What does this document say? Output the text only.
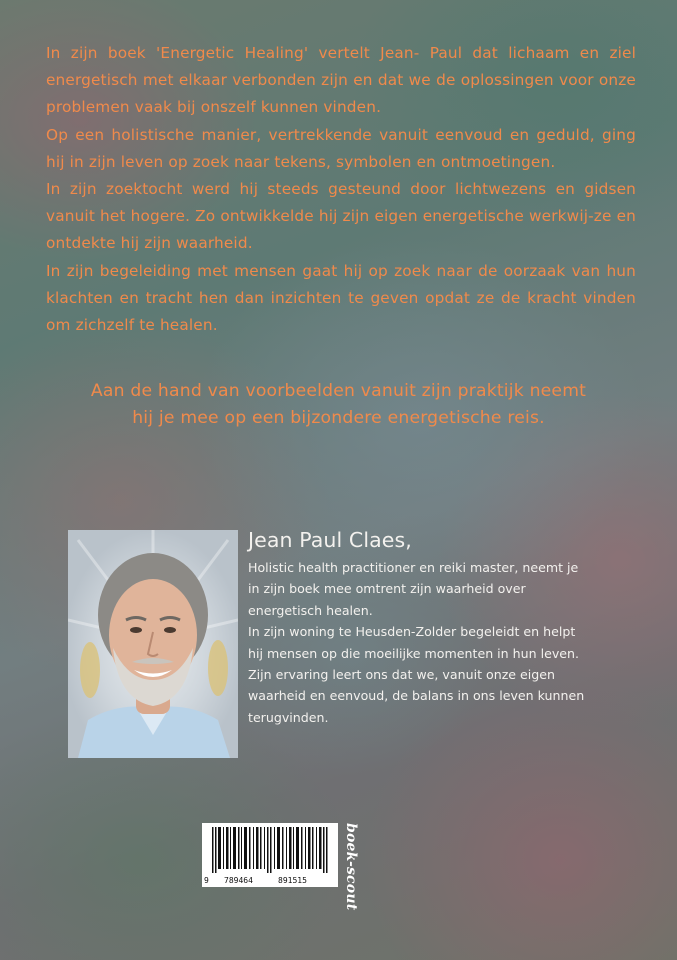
In zijn boek 'Energetic Healing' vertelt Jean- Paul dat lichaam en ziel energetisch met elkaar verbonden zijn en dat we de oplossingen voor onze problemen vaak bij onszelf kunnen vinden.

Op een holistische manier, vertrekkende vanuit eenvoud en geduld, ging hij in zijn leven op zoek naar tekens, symbolen en ontmoetingen.

In zijn zoektocht werd hij steeds gesteund door lichtwezens en gidsen vanuit het hogere. Zo ontwikkelde hij zijn eigen energetische werkwij-ze en ontdekte hij zijn waarheid.

In zijn begeleiding met mensen gaat hij op zoek naar de oorzaak van hun klachten en tracht hen dan inzichten te geven opdat ze de kracht vinden om zichzelf te healen.

Aan de hand van voorbeelden vanuit zijn praktijk neemt

hij je mee op een bijzondere energetische reis.

Jean Paul Claes,

Holistic health practitioner en reiki master, neemt je in zijn boek mee omtrent zijn waarheid over energetisch healen.

In zijn woning te Heusden-Zolder begeleidt en helpt hij mensen op die moeilijke momenten in hun leven.

Zijn ervaring leert ons dat we, vanuit onze eigen waarheid en eenvoud, de balans in ons leven kunnen terugvinden.

9 789464	891515	boek-scout
